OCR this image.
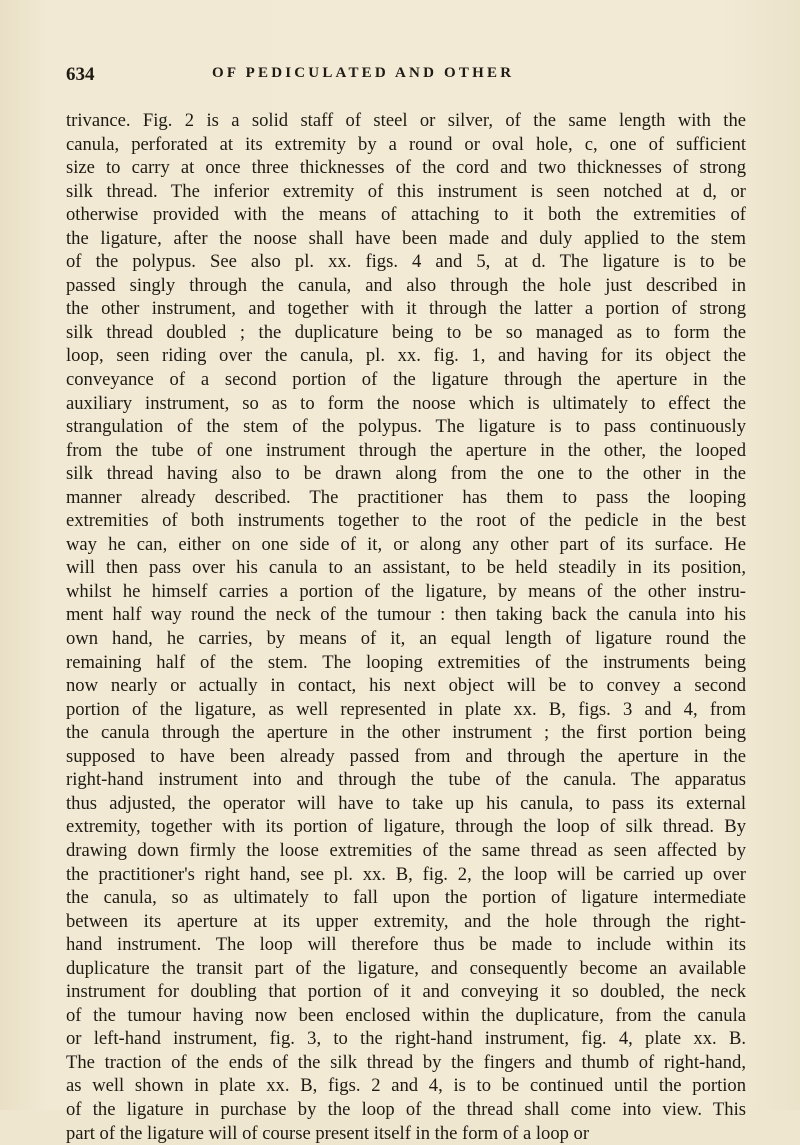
634	OF PEDICULATED AND OTHER
trivance. Fig. 2 is a solid staff of steel or silver, of the same length with the
canula, perforated at its extremity by a round or oval hole, c, one of sufficient
size to carry at once three thicknesses of the cord and two thicknesses of strong
silk thread. The inferior extremity of this instrument is seen notched at d, or
otherwise provided with the means of attaching to it both the extremities of
the ligature, after the noose shall have been made and duly applied to the stem
of the polypus. See also pl. xx. figs. 4 and 5, at d. The ligature is to be
passed singly through the canula, and also through the hole just described in
the other instrument, and together with it through the latter a portion of strong
silk thread doubled ; the duplicature being to be so managed as to form the
loop, seen riding over the canula, pl. xx. fig. 1, and having for its object the
conveyance of a second portion of the ligature through the aperture in the
auxiliary instrument, so as to form the noose which is ultimately to effect the
strangulation of the stem of the polypus. The ligature is to pass continuously
from the tube of one instrument through the aperture in the other, the looped
silk thread having also to be drawn along from the one to the other in the
manner already described. The practitioner has them to pass the looping
extremities of both instruments together to the root of the pedicle in the best
way he can, either on one side of it, or along any other part of its surface. He
will then pass over his canula to an assistant, to be held steadily in its position,
whilst he himself carries a portion of the ligature, by means of the other instru-
ment half way round the neck of the tumour : then taking back the canula into his
own hand, he carries, by means of it, an equal length of ligature round the
remaining half of the stem. The looping extremities of the instruments being
now nearly or actually in contact, his next object will be to convey a second
portion of the ligature, as well represented in plate xx. B, figs. 3 and 4, from
the canula through the aperture in the other instrument ; the first portion being
supposed to have been already passed from and through the aperture in the
right-hand instrument into and through the tube of the canula. The apparatus
thus adjusted, the operator will have to take up his canula, to pass its external
extremity, together with its portion of ligature, through the loop of silk thread. By
drawing down firmly the loose extremities of the same thread as seen affected by
the practitioner's right hand, see pl. xx. B, fig. 2, the loop will be carried up over
the canula, so as ultimately to fall upon the portion of ligature intermediate
between its aperture at its upper extremity, and the hole through the right-
hand instrument. The loop will therefore thus be made to include within its
duplicature the transit part of the ligature, and consequently become an available
instrument for doubling that portion of it and conveying it so doubled, the neck
of the tumour having now been enclosed within the duplicature, from the canula
or left-hand instrument, fig. 3, to the right-hand instrument, fig. 4, plate xx. B.
The traction of the ends of the silk thread by the fingers and thumb of right-hand,
as well shown in plate xx. B, figs. 2 and 4, is to be continued until the portion
of the ligature in purchase by the loop of the thread shall come into view. This
part of the ligature will of course present itself in the form of a loop or
